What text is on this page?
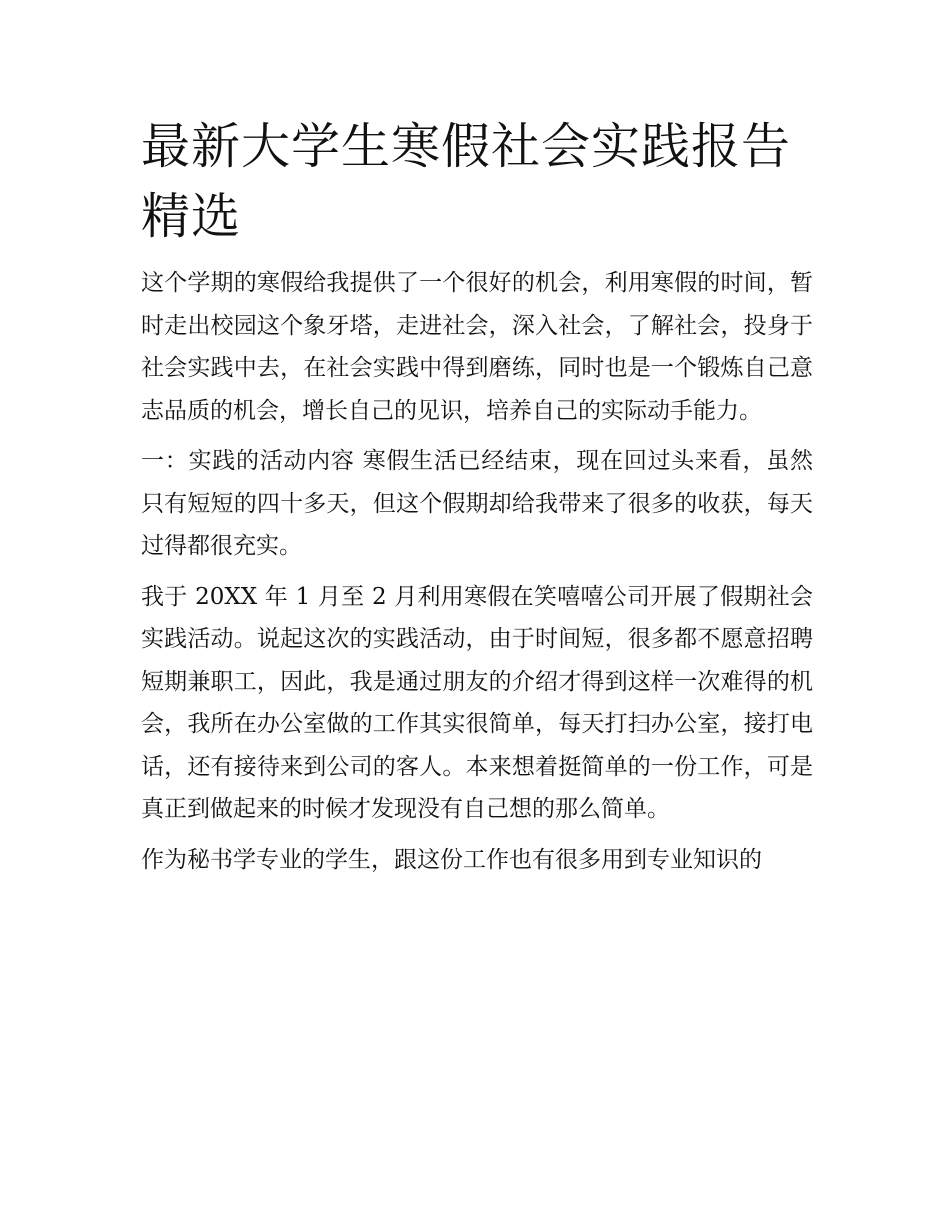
最新大学生寒假社会实践报告精选

这个学期的寒假给我提供了一个很好的机会，利用寒假的时间，暂时走出校园这个象牙塔，走进社会，深入社会，了解社会，投身于社会实践中去，在社会实践中得到磨练，同时也是一个锻炼自己意志品质的机会，增长自己的见识，培养自己的实际动手能力。

一：实践的活动内容 寒假生活已经结束，现在回过头来看，虽然只有短短的四十多天，但这个假期却给我带来了很多的收获，每天过得都很充实。

我于 20XX 年 1 月至 2 月利用寒假在笑嘻嘻公司开展了假期社会实践活动。说起这次的实践活动，由于时间短，很多都不愿意招聘短期兼职工，因此，我是通过朋友的介绍才得到这样一次难得的机会，我所在办公室做的工作其实很简单，每天打扫办公室，接打电话，还有接待来到公司的客人。本来想着挺简单的一份工作，可是真正到做起来的时候才发现没有自己想的那么简单。

作为秘书学专业的学生，跟这份工作也有很多用到专业知识的
